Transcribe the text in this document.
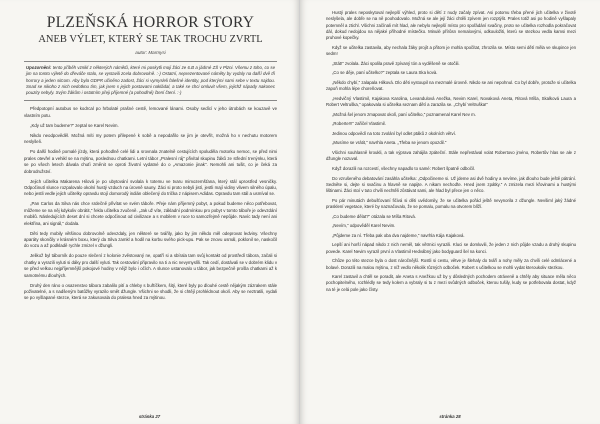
PLZEŇSKÁ HORROR STORY
ANEB VÝLET, KTERÝ SE TAK TROCHU ZVRTL
autor: Marmysi

Upozornění: tento příběh vznikl z některých námětů, které mi poskytli moji žáci ze 6.B a jádrné ZŠ v Plzni. Všemu z toho, co se jim na tomto výletě do dřeváče stalo, se vystavili zcela dobrovolně. :-) Ostatní, neprezentované náměty by vydaly na další dvě tři horrory a jeden sitcom. Aby byla GDPR učiněno zadost, žáci si vymysleli falešné identity, pod kterými sami sebe v textu najdou. Snad se nikoho z nich nedotknu tím, jak jsem s jejich postavami nakládal, a také se chci omluvit všem, jejichž nápady nakonec pouzity nebyly. Svým žákům i ostatním přeji příjemné (a pohodlné) čtení čtení. :-)

Předpotopní autobus se kodrcal po hrbolaté prašné cestě, lemované lánami. Osoby sedící v jeho útrobách se kouzavě ve vlastním potu.

„Kdy už tam budeme?" zeptal se Karel Nevim.

Nikdo neodpověděl. Možná míti my potem přilepené k sobě a nepodařilo se jim je otevřít, možná ho v nechutu motorem neslyšeli.

Po další hodině pomalé jízdy, která pohodlně celé lidi a srovnala znatelně cestujících spoluděla motorku nemoc, se před nimi prales otevřel a vehikl se na mýtinu, poslednou chatkami. Letní tábor „Pralesní ráj" přivítal skupinu žáků ze střední trenýnku, která se po všech letech dávala chuťi změnit se oproti životní vydatné do o „Amazonie jinak". Nemohli ani tušit, co je čeká za dobrodružství.

Jejich učitelka Makarena Hilová je po ubytování svolala k totemu ve tvaru mimozemšťana, který stál uprostřed vesničky. Odpočinutí slunce rozpalovalo okolní hustý vzduch na úrovně sauny. Žáci si proto nebyli jistí, jestli mají vidiny vlivem silného úpalu, nebo jestli vedle jejich učitelky opravdu stojí domorodý indián oblečený do trička z nápisem Adidas. Opravdu tam stál a usmíval se.

„Pan Carlos da Silva nás chce srdečně přivítat ve svém táboře. Přeje nám příjemný pobyt, a pokud budeme něco potřebovat, můžeme se na něj kdykoliv obrátit," řekla učitelka zvučeně. „Jak už víte, základní podmínkou pro pobyt v tomto táboře je odevzdání mobilů. Následujících deset dní si chcete odpočinout od civilizace a s mobilem v ruce to samozřejmě nepůjde. Navíc tady není ani elektřina, ani signál," dodala.

Děti tedy mobily většinou dobrovolně odevzdaly, jen některé se tvářily, jako by jim někdo měl odeprovat ledviny. Všechny aparáty skončily v krásném boxu, který da Silva zamkl a hodil na korbu svého pick-upu. Pak se znovu usmál, poklonil se, naskočil do vozu a až podkladě rychle zmizel v džungli.

Jelikož byl táborník do pouze slečení z kolonie zvěstovaný ne, opatří si a sbírala tam svůj kontakt od prostředí tábora, začali si chatky a vyrazili vyluti si dáky pro další vyluti. Tak cestování připravilo na ti a nic nevymyslíli. Tak cedí, dostávali se v dobrém klidu v se před velkou nejpříjemnější pokojové hodiny v nějž bylo i očích. A slunce ustanovalo u tábor, jak bezpečně prošla chatkami až k samotnému dlouhých.

Druhý den ráno o osazenstvo tábora zabalilo pití a chleby s buřtíčkem, šitý, které byly po dlouhé cestě nějakým zázrakem stále poživatelné, a s nadšeným batůžky vyrazilo smět džungle. Všichni se shodli, že si chtějí prohlédnout okolí. Aby se neztratili, vydali se po vyšlapané stezce, která se zakusovala do pralesa hned za mýtinou.

stránka 27

Hustý prales neposkytoval nejlepší výhled, proto si dětí z nudy začaly zpívat. Asi potomu třeba přené jich učitelka v životě neslyšela, ale dobře se na ně poohodovalo. Možná se ale její žáci chtěli zpívem jen rozptýlit. Prales totiž asi po hodině vyšlapaly potemněl a ztichl. Všichni začínali mít hlad, ale nebylo nejlepší místo pro spořádání svačiny, proto se učitelka rozhodla pokračovat dál, dokud nedojdou na nějaké příhodné místečko. Minulé přírůsn nemalovými, odkouložiti, kterú se stezkou vedla kamsi mezi pruhové kopečky.

Když se učitelka zastavila, aby nechala žáky projít a přitom je mohla spočítat, zhrozila se. Místo semi dětí měla ve skupince jen sedm!

„Stát!" zvolala. Žáci spolila pravě zpívaný tón a vyděšeně se otočili.

„Co se děje, paní učitelko?" zeptala se Laura Ska kovà.

„Někdo chybí," zalapala Hilková. Dlo děti vystoupil na mezmalé úrovně. Nikdo se ani nepohnul. Co byl dobře, protože si učitelka zapoň mohla lépe choreňovat.

„Hedvičný Vlastimil, Kajakova Karolina, Levandulová Anežka, Nevim Karel, Novaková Aneta, Ritová Míša, Skalková Laura a Robert Veltruška," opakovala si učitelka seznam dětí a zarazila se. „Chybí Veltruška!"

„Možná šel jenom zmapovat okolí, paní učitelko," poznamenal Karel Nev m.

„Roberte!!!" zařičel Vlastimil.

Jedinou odpovědí na toto zvolání byl odlet ptáků z okolních větví.

„Musíme se vrátit," navrhla Aneta. „Třeba se jenom opozdil."

Všichni souhlasně kroukli, a tak výprava zahájila zpáteční. Stále nepřestával volat Robertovo jméno, Robertův hlas se ale z džungle nozuval.

Když dorazili na rozcestí, všechny napadlo to samé: Robert špatně odbočil.

Do vzrušeného debatování zasáhla učitelka: „Odpočineme si. Už jdeme asi dvě hodiny a nevíme, jak dlouho bude ještě pátrání. Sedněte si, dejte si svačinu a hlavně se napijte. A nikam nechoďte. Hned jsem zpátky." A zmizela mezi křovinami a hustými lištinami. Žáci stoí v tuto chvíli nechtěli zůstávat sami, ale hlad byl přece jen o něco.

Po pár minutách debušťovaní fičivá si děti uvědomily, že se učitelka pořád ještě nevynorila z džungle. Nevšiml jaký žádné prasklení vegetace, které by naznačovalo, že se pomalu, pomalu na otvorem blíží.

„Co budeme dělat?" otázala se Míša Ritová.

„Nevím," odpověděl Karel Nevim.

„Půjdeme za ní. Třeba pak oba dva najdeme," navrhla Kája Kajaková.

Lepší ani horší nápad nikdo z nich neměl, tak větrnici vyrazili. Kluci se domluvili, že jeden z nich půjde vzadu a druhý skupinu povede. Karel Nevim vyrazil první a Vlastimil Hedvábný jako bodyguard šel na konci.

Chůze po této stezce byla o dost náročnější. Rostli si cestu, větve je šlehaly do tváří a nohy měly za chvíli celé odmlácené a bolavé. Dorazili na malou mýtinu, z níž vedlo několik různých odboček. Robert s učitelkou se mohli vydat kteroukoliv stezkou.

Karel zastavil a chtěl se poradit, ale Aneta s Anežkou už by y důsledných pochodem otráveně a chtěly aby situace měla něco pochopitelného, rozhlédly se tedy kolem a vybraly si tu z mezi svůdných odboček, kterou tušily, kudy se potřebovala dostat, když na té je celá pole jako čísty.

stránka 28
